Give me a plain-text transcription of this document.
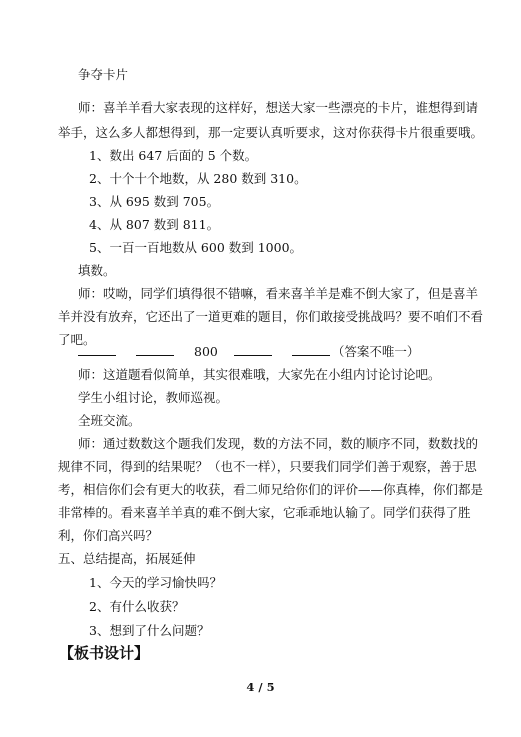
争夺卡片
师：喜羊羊看大家表现的这样好，想送大家一些漂亮的卡片，谁想得到请
举手，这么多人都想得到，那一定要认真听要求，这对你获得卡片很重要哦。
1、数出 647 后面的 5 个数。
2、十个十个地数，从 280 数到 310。
3、从 695 数到 705。
4、从 807 数到 811。
5、一百一百地数从 600 数到 1000。
填数。
师：哎呦，同学们填得很不错嘛，看来喜羊羊是难不倒大家了，但是喜羊
羊并没有放弃，它还出了一道更难的题目，你们敢接受挑战吗？要不咱们不看
了吧。
800	（答案不唯一）
师：这道题看似简单，其实很难哦，大家先在小组内讨论讨论吧。
学生小组讨论，教师巡视。
全班交流。
师：通过数数这个题我们发现，数的方法不同，数的顺序不同，数数找的
规律不同，得到的结果呢？（也不一样），只要我们同学们善于观察，善于思
考，相信你们会有更大的收获，看二师兄给你们的评价——你真棒，你们都是
非常棒的。看来喜羊羊真的难不倒大家，它乖乖地认输了。同学们获得了胜
利，你们高兴吗？
五、总结提高，拓展延伸
1、今天的学习愉快吗？
2、有什么收获？
3、想到了什么问题？
【板书设计】
4 / 5
